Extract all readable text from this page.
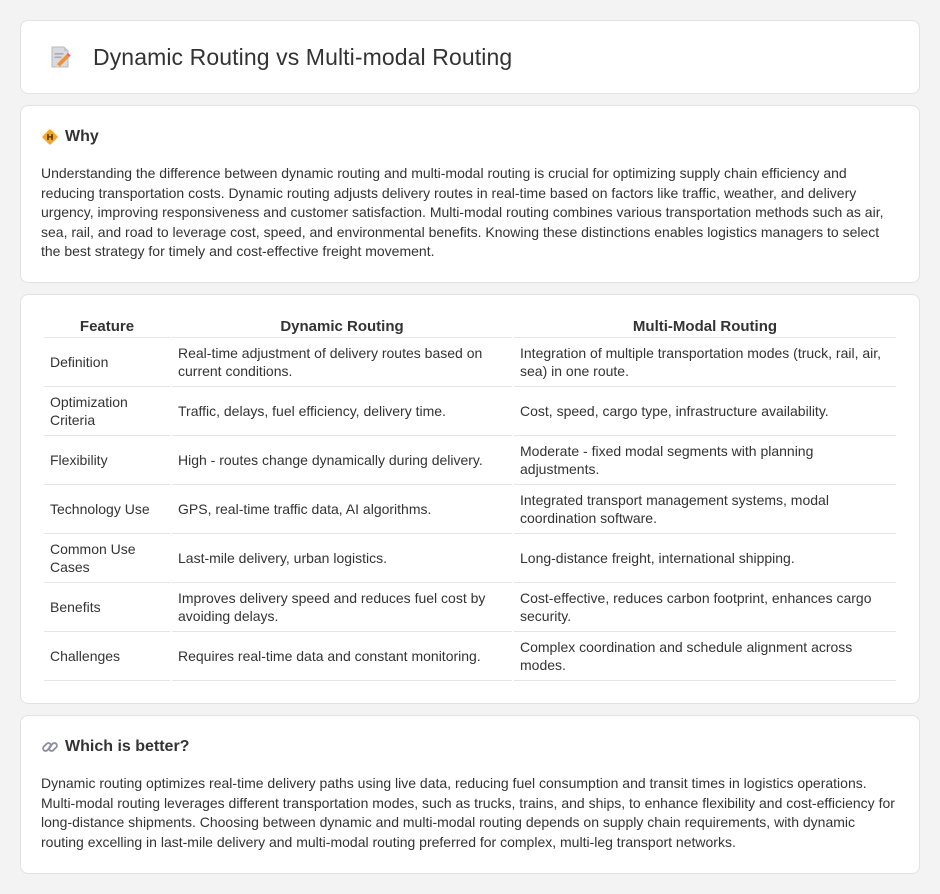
Dynamic Routing vs Multi-modal Routing
Why

Understanding the difference between dynamic routing and multi-modal routing is crucial for optimizing supply chain efficiency and reducing transportation costs. Dynamic routing adjusts delivery routes in real-time based on factors like traffic, weather, and delivery urgency, improving responsiveness and customer satisfaction. Multi-modal routing combines various transportation methods such as air, sea, rail, and road to leverage cost, speed, and environmental benefits. Knowing these distinctions enables logistics managers to select the best strategy for timely and cost-effective freight movement.

Feature	Dynamic Routing	Multi-Modal Routing
Definition	Real-time adjustment of delivery routes based on current conditions.	Integration of multiple transportation modes (truck, rail, air, sea) in one route.
Optimization Criteria	Traffic, delays, fuel efficiency, delivery time.	Cost, speed, cargo type, infrastructure availability.
Flexibility	High - routes change dynamically during delivery.	Moderate - fixed modal segments with planning adjustments.
Technology Use	GPS, real-time traffic data, AI algorithms.	Integrated transport management systems, modal coordination software.
Common Use Cases	Last-mile delivery, urban logistics.	Long-distance freight, international shipping.
Benefits	Improves delivery speed and reduces fuel cost by avoiding delays.	Cost-effective, reduces carbon footprint, enhances cargo security.
Challenges	Requires real-time data and constant monitoring.	Complex coordination and schedule alignment across modes.
Which is better?

Dynamic routing optimizes real-time delivery paths using live data, reducing fuel consumption and transit times in logistics operations. Multi-modal routing leverages different transportation modes, such as trucks, trains, and ships, to enhance flexibility and cost-efficiency for long-distance shipments. Choosing between dynamic and multi-modal routing depends on supply chain requirements, with dynamic routing excelling in last-mile delivery and multi-modal routing preferred for complex, multi-leg transport networks.
